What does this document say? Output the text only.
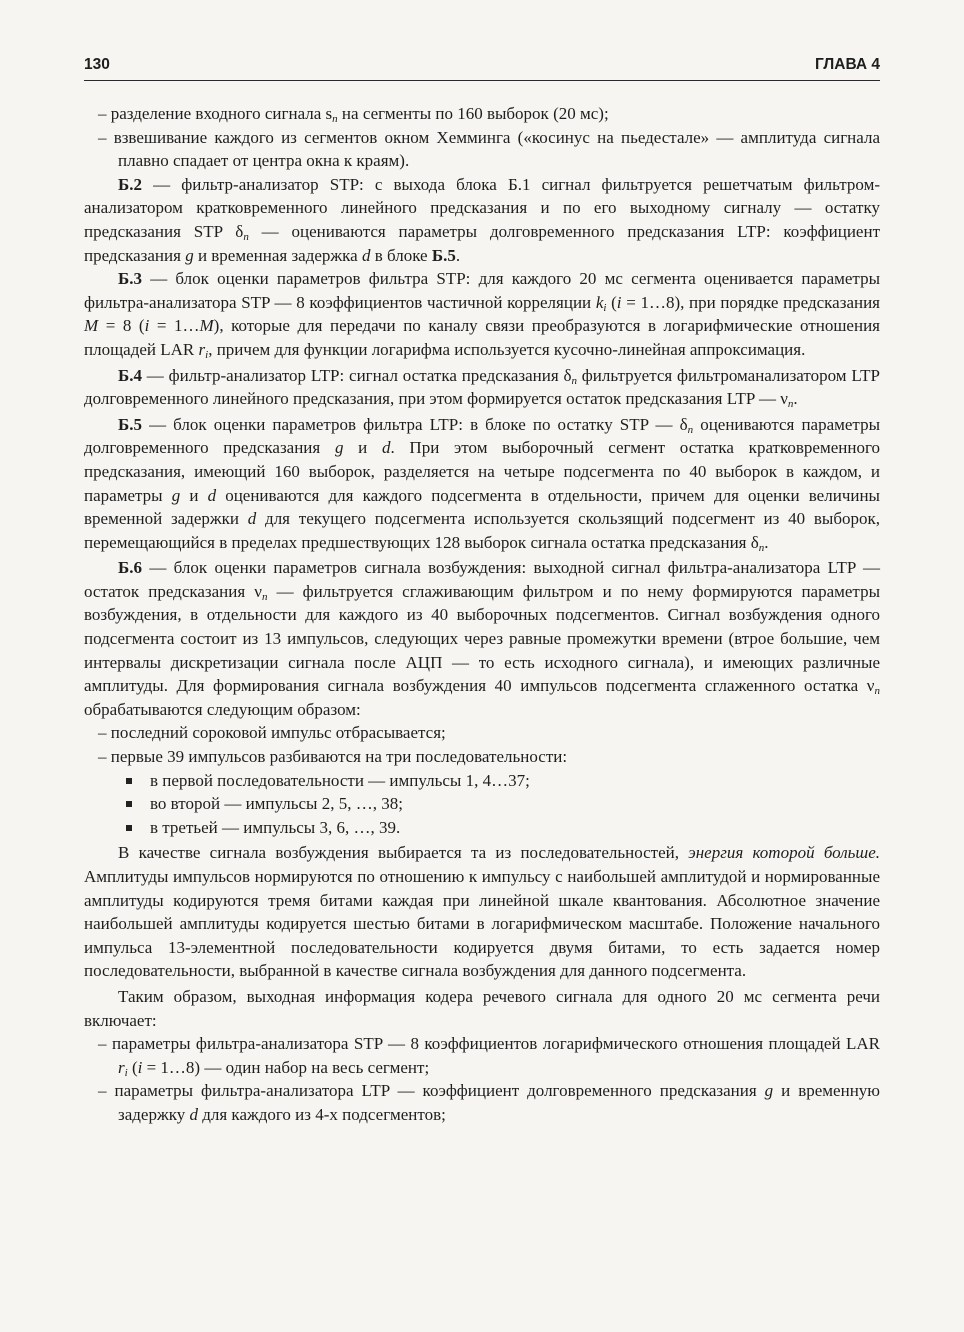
130	ГЛАВА 4

– разделение входного сигнала $s_n$ на сегменты по 160 выборок (20 мс);

– взвешивание каждого из сегментов окном Хемминга («косинус на пьедестале» — амплитуда сигнала плавно спадает от центра окна к краям).

Б.2 — фильтр-анализатор STP: с выхода блока Б.1 сигнал фильтруется решетчатым фильтром-анализатором кратковременного линейного предсказания и по его выходному сигналу — остатку предсказания STP $\delta_n$ — оцениваются параметры долговременного предсказания LTP: коэффициент предсказания g и временная задержка d в блоке Б.5.

Б.3 — блок оценки параметров фильтра STP: для каждого 20 мс сегмента оценивается параметры фильтра-анализатора STP — 8 коэффициентов частичной корреляции $k_i$ (i = 1…8), при порядке предсказания M = 8 (i = 1…M), которые для передачи по каналу связи преобразуются в логарифмические отношения площадей LAR $r_i$, причем для функции логарифма используется кусочно-линейная аппроксимация.

Б.4 — фильтр-анализатор LTP: сигнал остатка предсказания $\delta_n$ фильтруется фильтроманализатором LTP долговременного линейного предсказания, при этом формируется остаток предсказания LTP — $\nu_n$.

Б.5 — блок оценки параметров фильтра LTP: в блоке по остатку STP — $\delta_n$ оцениваются параметры долговременного предсказания g и d. При этом выборочный сегмент остатка кратковременного предсказания, имеющий 160 выборок, разделяется на четыре подсегмента по 40 выборок в каждом, и параметры g и d оцениваются для каждого подсегмента в отдельности, причем для оценки величины временной задержки d для текущего подсегмента используется скользящий подсегмент из 40 выборок, перемещающийся в пределах предшествующих 128 выборок сигнала остатка предсказания $\delta_n$.

Б.6 — блок оценки параметров сигнала возбуждения: выходной сигнал фильтра-анализатора LTP — остаток предсказания $\nu_n$ — фильтруется сглаживающим фильтром и по нему формируются параметры возбуждения, в отдельности для каждого из 40 выборочных подсегментов. Сигнал возбуждения одного подсегмента состоит из 13 импульсов, следующих через равные промежутки времени (втрое большие, чем интервалы дискретизации сигнала после АЦП — то есть исходного сигнала), и имеющих различные амплитуды. Для формирования сигнала возбуждения 40 импульсов подсегмента сглаженного остатка $\nu_n$ обрабатываются следующим образом:

– последний сороковой импульс отбрасывается;

– первые 39 импульсов разбиваются на три последовательности:

в первой последовательности — импульсы 1, 4…37;

во второй — импульсы 2, 5, …, 38;

в третьей — импульсы 3, 6, …, 39.

В качестве сигнала возбуждения выбирается та из последовательностей, энергия которой больше. Амплитуды импульсов нормируются по отношению к импульсу с наибольшей амплитудой и нормированные амплитуды кодируются тремя битами каждая при линейной шкале квантования. Абсолютное значение наибольшей амплитуды кодируется шестью битами в логарифмическом масштабе. Положение начального импульса 13-элементной последовательности кодируется двумя битами, то есть задается номер последовательности, выбранной в качестве сигнала возбуждения для данного подсегмента.

Таким образом, выходная информация кодера речевого сигнала для одного 20 мс сегмента речи включает:

– параметры фильтра-анализатора STP — 8 коэффициентов логарифмического отношения площадей LAR $r_i$ (i = 1…8) — один набор на весь сегмент;

– параметры фильтра-анализатора LTP — коэффициент долговременного предсказания g и временную задержку d для каждого из 4-х подсегментов;
